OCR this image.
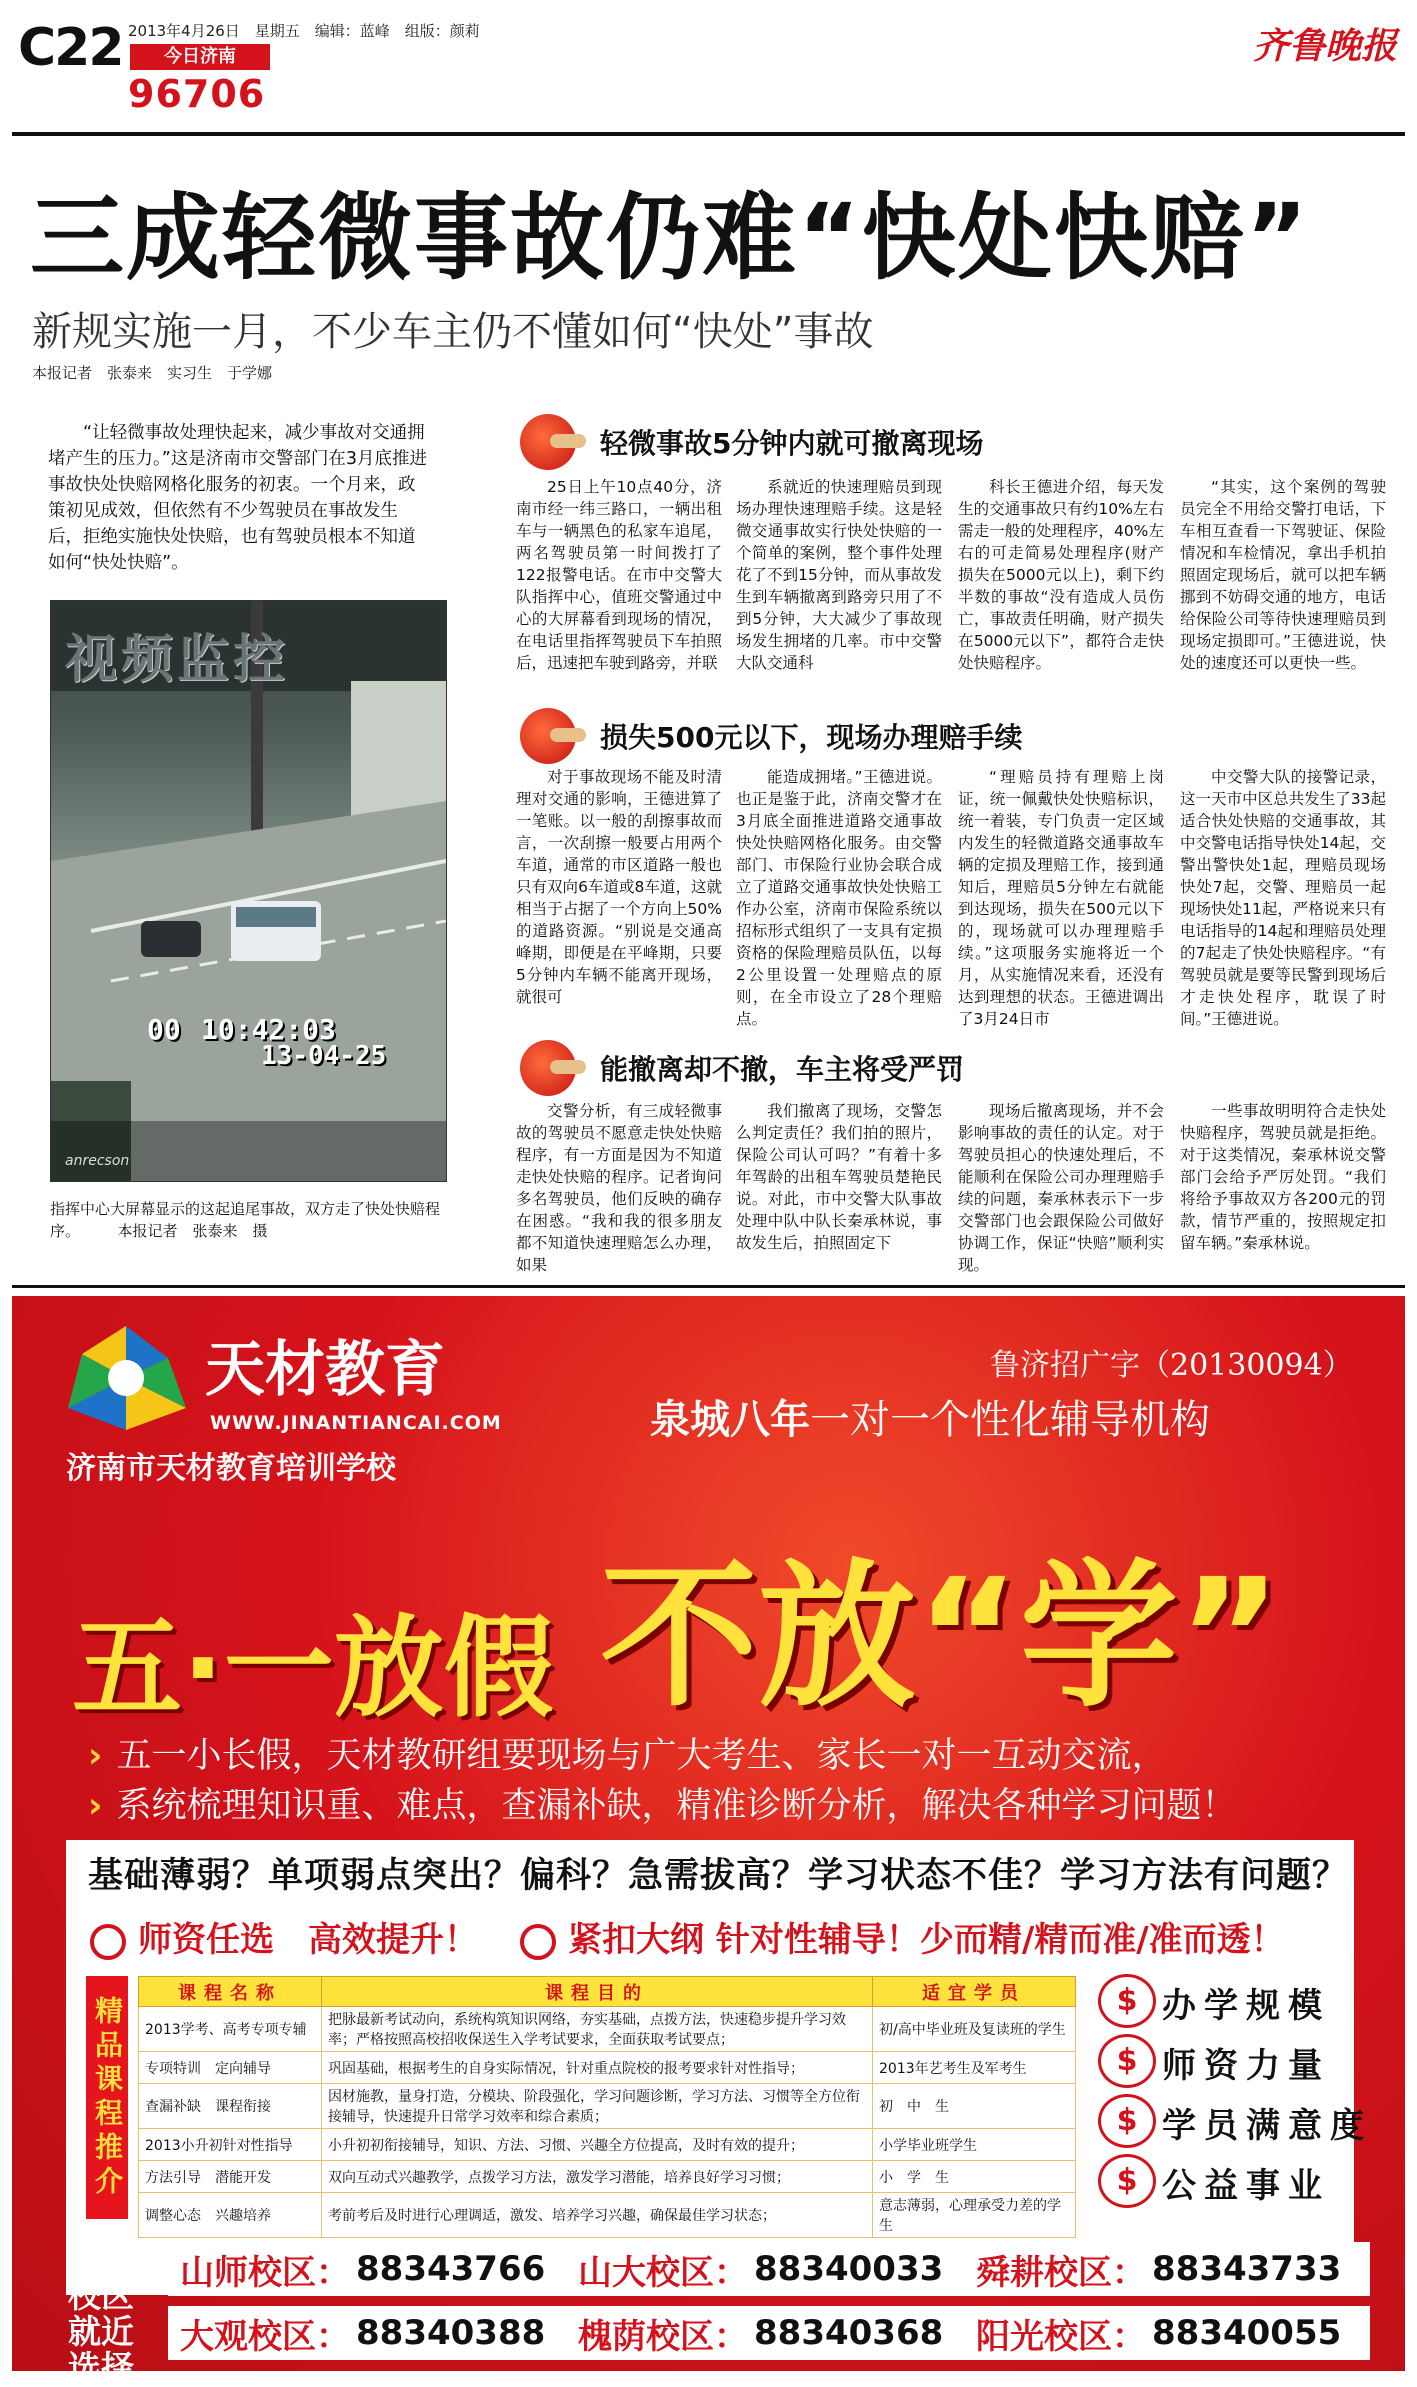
C22 2013年4月26日　星期五　编辑：蓝峰　组版：颜莉
今日济南
96706
齐鲁晚报
三成轻微事故仍难“快处快赔”
新规实施一月，不少车主仍不懂如何“快处”事故
本报记者　张泰来　实习生　于学娜
“让轻微事故处理快起来，减少事故对交通拥堵产生的压力。”这是济南市交警部门在3月底推进事故快处快赔网格化服务的初衷。一个月来，政策初见成效，但依然有不少驾驶员在事故发生后，拒绝实施快处快赔，也有驾驶员根本不知道如何“快处快赔”。
视频监控
00 10:42:03
13-04-25
anrecson
指挥中心大屏幕显示的这起追尾事故，双方走了快处快赔程序。　　　本报记者　张泰来　摄
轻微事故5分钟内就可撤离现场
25日上午10点40分，济南市经一纬三路口，一辆出租车与一辆黑色的私家车追尾，两名驾驶员第一时间拨打了122报警电话。在市中交警大队指挥中心，值班交警通过中心的大屏幕看到现场的情况，在电话里指挥驾驶员下车拍照后，迅速把车驶到路旁，并联
系就近的快速理赔员到现场办理快速理赔手续。这是轻微交通事故实行快处快赔的一个简单的案例，整个事件处理花了不到15分钟，而从事故发生到车辆撤离到路旁只用了不到5分钟，大大减少了事故现场发生拥堵的几率。市中交警大队交通科
科长王德进介绍，每天发生的交通事故只有约10%左右需走一般的处理程序，40%左右的可走简易处理程序(财产损失在5000元以上)，剩下约半数的事故“没有造成人员伤亡，事故责任明确，财产损失在5000元以下”，都符合走快处快赔程序。
“其实，这个案例的驾驶员完全不用给交警打电话，下车相互查看一下驾驶证、保险情况和车检情况，拿出手机拍照固定现场后，就可以把车辆挪到不妨碍交通的地方，电话给保险公司等待快速理赔员到现场定损即可。”王德进说，快处的速度还可以更快一些。
损失500元以下，现场办理赔手续
对于事故现场不能及时清理对交通的影响，王德进算了一笔账。以一般的刮擦事故而言，一次刮擦一般要占用两个车道，通常的市区道路一般也只有双向6车道或8车道，这就相当于占据了一个方向上50%的道路资源。“别说是交通高峰期，即便是在平峰期，只要5分钟内车辆不能离开现场，就很可
能造成拥堵。”王德进说。也正是鉴于此，济南交警才在3月底全面推进道路交通事故快处快赔网格化服务。由交警部门、市保险行业协会联合成立了道路交通事故快处快赔工作办公室，济南市保险系统以招标形式组织了一支具有定损资格的保险理赔员队伍，以每2公里设置一处理赔点的原则，在全市设立了28个理赔点。
“理赔员持有理赔上岗证，统一佩戴快处快赔标识，统一着装，专门负责一定区域内发生的轻微道路交通事故车辆的定损及理赔工作，接到通知后，理赔员5分钟左右就能到达现场，损失在500元以下的，现场就可以办理理赔手续。”这项服务实施将近一个月，从实施情况来看，还没有达到理想的状态。王德进调出了3月24日市
中交警大队的接警记录，这一天市中区总共发生了33起适合快处快赔的交通事故，其中交警电话指导快处14起，交警出警快处1起，理赔员现场快处7起，交警、理赔员一起现场快处11起，严格说来只有电话指导的14起和理赔员处理的7起走了快处快赔程序。“有驾驶员就是要等民警到现场后才走快处程序，耽误了时间。”王德进说。
能撤离却不撤，车主将受严罚
交警分析，有三成轻微事故的驾驶员不愿意走快处快赔程序，有一方面是因为不知道走快处快赔的程序。记者询问多名驾驶员，他们反映的确存在困惑。“我和我的很多朋友都不知道快速理赔怎么办理，如果
我们撤离了现场，交警怎么判定责任？我们拍的照片，保险公司认可吗？”有着十多年驾龄的出租车驾驶员楚艳民说。对此，市中交警大队事故处理中队中队长秦承林说，事故发生后，拍照固定下
现场后撤离现场，并不会影响事故的责任的认定。对于驾驶员担心的快速处理后，不能顺利在保险公司办理理赔手续的问题，秦承林表示下一步交警部门也会跟保险公司做好协调工作，保证“快赔”顺利实现。
一些事故明明符合走快处快赔程序，驾驶员就是拒绝。对于这类情况，秦承林说交警部门会给予严厉处罚。“我们将给予事故双方各200元的罚款，情节严重的，按照规定扣留车辆。”秦承林说。
天材教育
WWW.JINANTIANCAI.COM
济南市天材教育培训学校
鲁济招广字（20130094）
泉城八年一对一个性化辅导机构
五·一放假 不放“学”
› 五一小长假，天材教研组要现场与广大考生、家长一对一互动交流，
› 系统梳理知识重、难点，查漏补缺，精准诊断分析，解决各种学习问题！
基础薄弱？单项弱点突出？偏科？急需拔高？学习状态不佳？学习方法有问题？
师资任选　高效提升！	紧扣大纲 针对性辅导！少而精/精而准/准而透！
精品课程推介
课程名称	课程目的	适宜学员
2013学考、高考专项专辅	把脉最新考试动向，系统构筑知识网络，夯实基础，点拨方法，快速稳步提升学习效率；严格按照高校招收保送生入学考试要求，全面获取考试要点；	初/高中毕业班及复读班的学生
专项特训　定向辅导	巩固基础，根据考生的自身实际情况，针对重点院校的报考要求针对性指导；	2013年艺考生及军考生
查漏补缺　课程衔接	因材施教，量身打造，分模块、阶段强化，学习问题诊断，学习方法、习惯等全方位衔接辅导，快速提升日常学习效率和综合素质；	初　中　生
2013小升初针对性指导	小升初初衔接辅导，知识、方法、习惯、兴趣全方位提高，及时有效的提升；	小学毕业班学生
方法引导　潜能开发	双向互动式兴趣教学，点拨学习方法，激发学习潜能，培养良好学习习惯；	小　学　生
调整心态　兴趣培养	考前考后及时进行心理调适，激发、培养学习兴趣，确保最佳学习状态；	意志薄弱，心理承受力差的学生
$ 办学规模
$ 师资力量
$ 学员满意度
$ 公益事业
六大校区就近选择
山师校区： 88343766 山大校区： 88340033 舜耕校区： 88343733
大观校区： 88340388 槐荫校区： 88340368 阳光校区： 88340055
